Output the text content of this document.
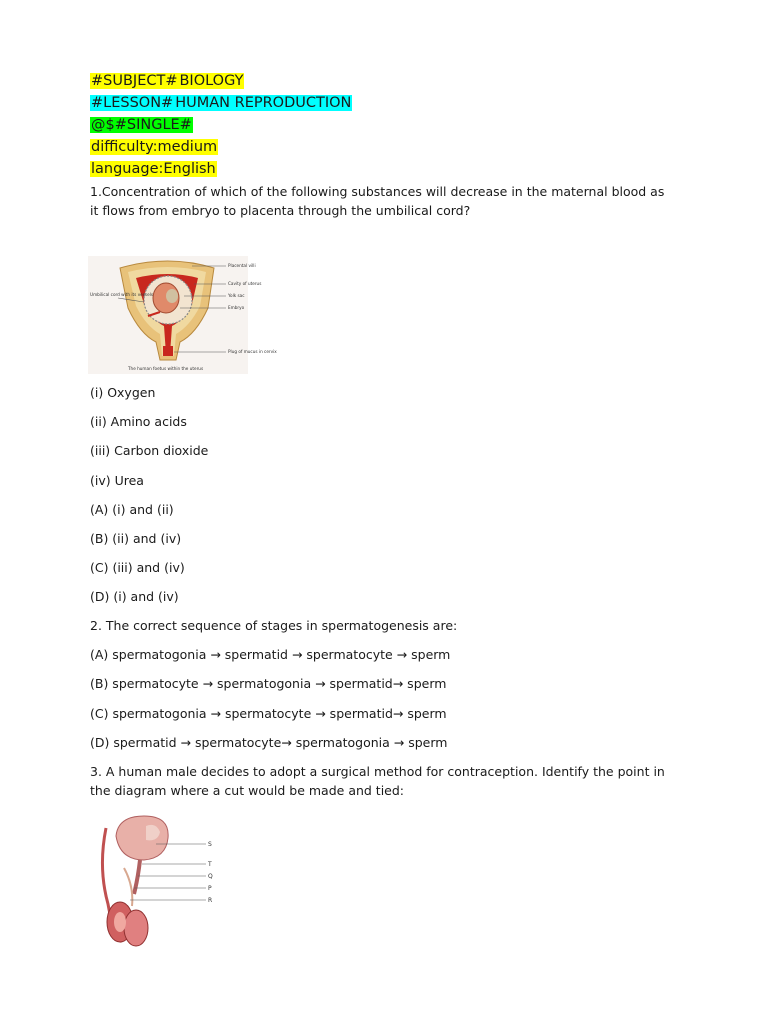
#SUBJECT# BIOLOGY
#LESSON# HUMAN REPRODUCTION
@$#SINGLE#
difficulty:medium
language:English

1.Concentration of which of the following substances will decrease in the maternal blood as it flows from embryo to placenta through the umbilical cord?

Placental villi
Cavity of uterus
Yolk sac
Embryo
Plug of mucus in cervix
Umbilical cord with its vessels
The human foetus within the uterus
(i) Oxygen
(ii) Amino acids
(iii) Carbon dioxide
(iv) Urea
(A) (i) and (ii)
(B) (ii) and (iv)
(C) (iii) and (iv)
(D) (i) and (iv)
2. The correct sequence of stages in spermatogenesis are:
(A) spermatogonia → spermatid → spermatocyte → sperm
(B) spermatocyte → spermatogonia → spermatid→ sperm
(C) spermatogonia → spermatocyte → spermatid→ sperm
(D) spermatid → spermatocyte→ spermatogonia → sperm
3. A human male decides to adopt a surgical method for contraception. Identify the point in the diagram where a cut would be made and tied:
S
T
Q
P
R
